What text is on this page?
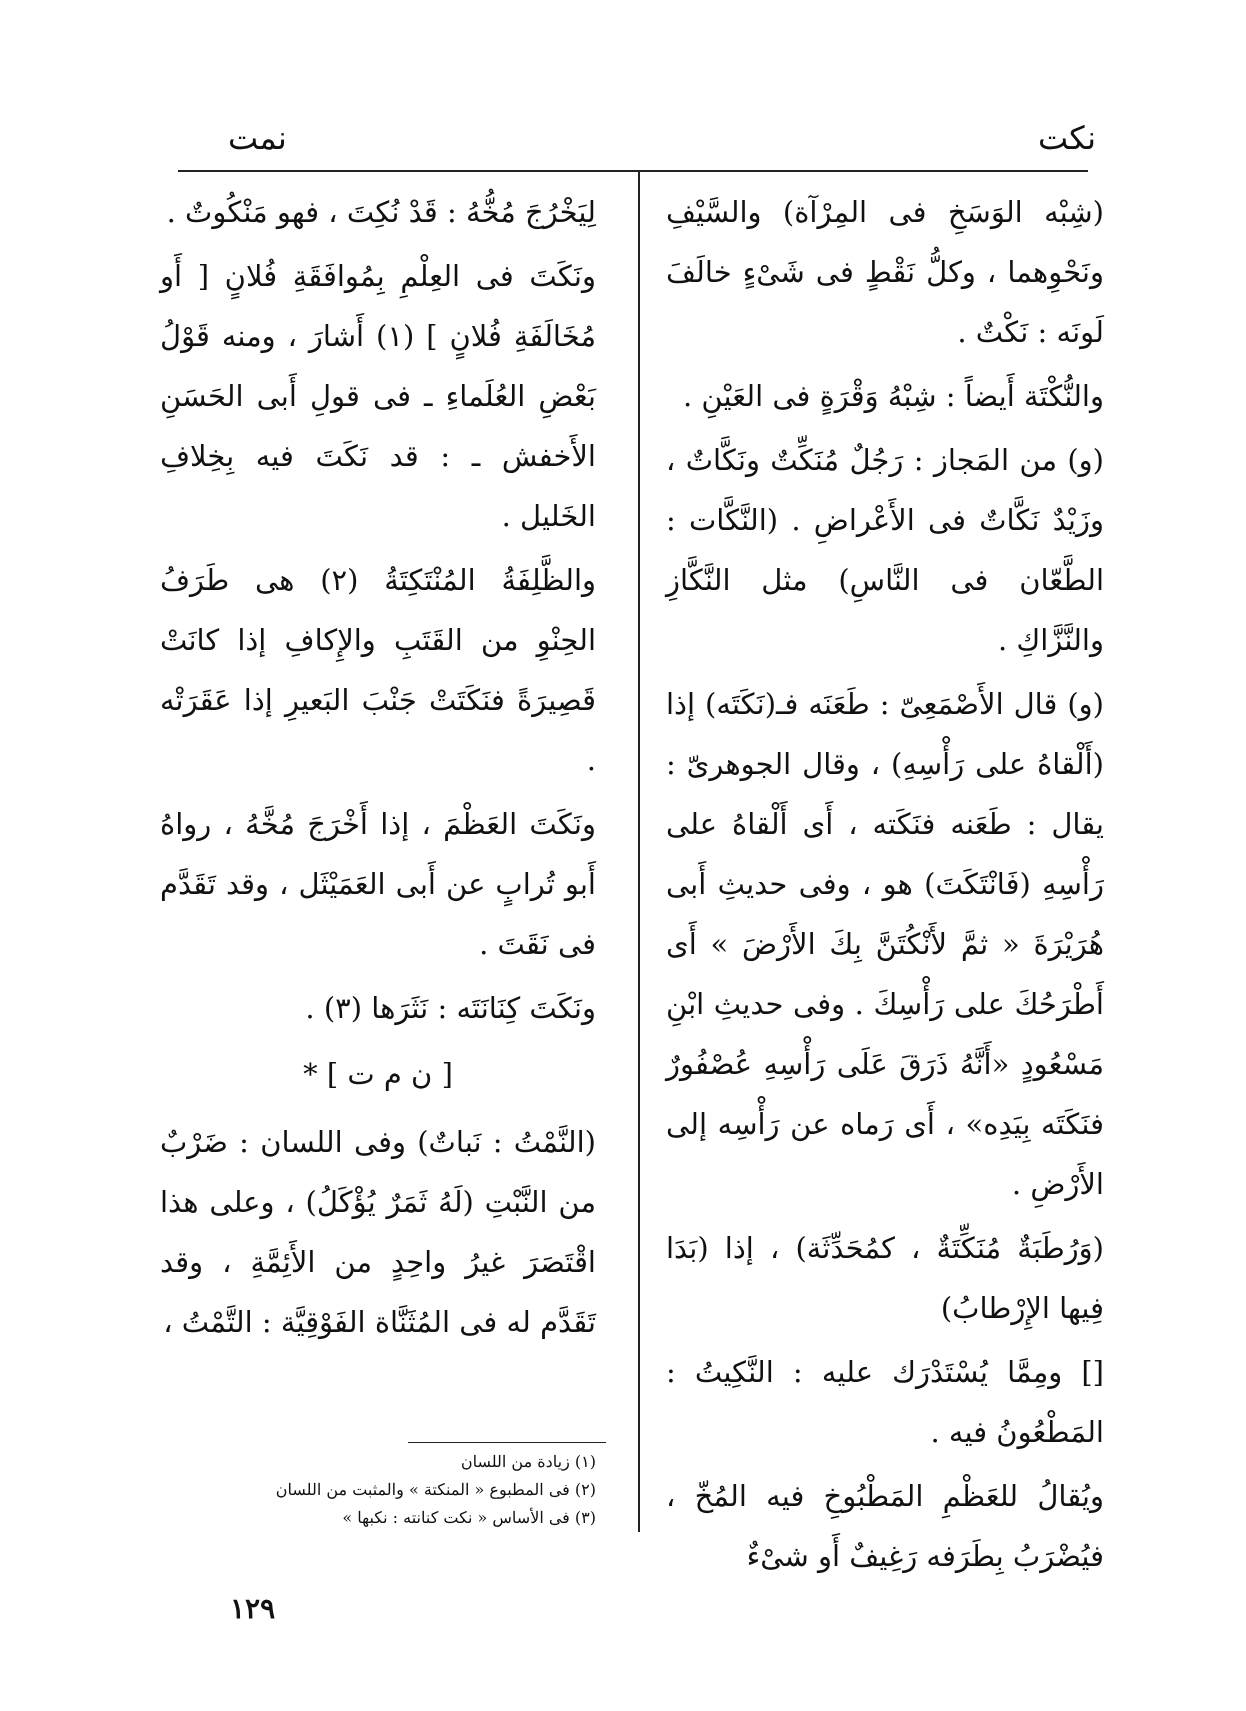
نكت
نمت

(شِبْه الوَسَخِ فى المِرْآة) والسَّيْفِ ونَحْوِهما ، وكلُّ نَقْطٍ فى شَىْءٍ خالَفَ لَونَه : نَكْتٌ .

والنُّكْتَة أَيضاً : شِبْهُ وَقْرَةٍ فى العَيْنِ .

(و) من المَجاز : رَجُلٌ مُنَكِّتٌ ونَكَّاتٌ ، وزَيْدٌ نَكَّاتٌ فى الأَعْراضِ . (النَّكَّات : الطَّعّان فى النَّاسِ) مثل النَّكَّازِ والنَّزَّاكِ .

(و) قال الأَصْمَعِىّ : طَعَنَه فـ(نَكَتَه) إذا (أَلْقاهُ على رَأْسِهِ) ، وقال الجوهرىّ : يقال : طَعَنه فنَكَته ، أَى أَلْقاهُ على رَأْسِهِ (فَانْتَكَتَ) هو ، وفى حديثِ أَبى هُرَيْرَةَ « ثمَّ لأَنْكُتَنَّ بِكَ الأَرْضَ » أَى أَطْرَحُكَ على رَأْسِكَ . وفى حديثِ ابْنِ مَسْعُودٍ «أَنَّهُ ذَرَقَ عَلَى رَأْسِهِ عُصْفُورٌ فنَكَتَه بِيَدِه» ، أَى رَماه عن رَأْسِه إلى الأَرْضِ .

(وَرُطَبَةٌ مُنَكِّتَةٌ ، كمُحَدِّثَة) ، إذا (بَدَا فِيها الإِرْطابُ)

[] ومِمَّا يُسْتَدْرَك عليه : النَّكِيتُ : المَطْعُونُ فيه .

ويُقالُ للعَظْمِ المَطْبُوخِ فيه المُخّ ، فيُضْرَبُ بِطَرَفه رَغِيفٌ أَو شىْءٌ

لِيَخْرُجَ مُخُّهُ : قَدْ نُكِتَ ، فهو مَنْكُوتٌ .

ونَكَتَ فى العِلْمِ بِمُوافَقَةِ فُلانٍ [ أَو مُخَالَفَةِ فُلانٍ ] (١) أَشارَ ، ومنه قَوْلُ بَعْضِ العُلَماءِ ـ فى قولِ أَبى الحَسَنِ الأَخفش ـ : قد نَكَتَ فيه بِخِلافِ الخَليل .

والظَّلِفَةُ المُنْتَكِتَةُ (٢) هى طَرَفُ الحِنْوِ من القَتَبِ والإِكافِ إذا كانَتْ قَصِيرَةً فنَكَتَتْ جَنْبَ البَعيرِ إذا عَقَرَتْه .

ونَكَتَ العَظْمَ ، إذا أَخْرَجَ مُخَّهُ ، رواهُ أَبو تُرابٍ عن أَبى العَمَيْثَل ، وقد تَقَدَّم فى نَقَتَ .

ونَكَتَ كِنَانَتَه : نَثَرَها (٣) .

[ ن م ت ] *

(النَّمْتُ : نَباتٌ) وفى اللسان : ضَرْبٌ من النَّبْتِ (لَهُ ثَمَرٌ يُؤْكَلُ) ، وعلى هذا اقْتَصَرَ غيرُ واحِدٍ من الأَئِمَّةِ ، وقد تَقَدَّم له فى المُثَنَّاة الفَوْقِيَّة : التَّمْتُ ،

(١) زيادة من اللسان
(٢) فى المطبوع « المنكتة » والمثبت من اللسان
(٣) فى الأساس « نكت كنانته : نكبها »
١٢٩
